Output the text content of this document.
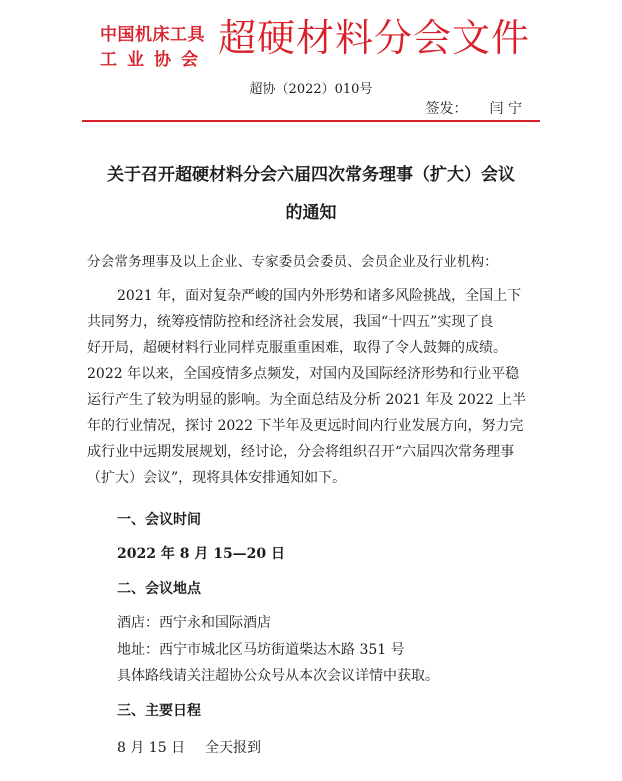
中国机床工具
工业协会 超硬材料分会文件
超协（2022）010号
签发： 闫 宁
关于召开超硬材料分会六届四次常务理事（扩大）会议
的通知
分会常务理事及以上企业、专家委员会委员、会员企业及行业机构：
2021 年，面对复杂严峻的国内外形势和诸多风险挑战，全国上下
共同努力，统筹疫情防控和经济社会发展，我国“十四五”实现了良
好开局，超硬材料行业同样克服重重困难，取得了令人鼓舞的成绩。
2022 年以来，全国疫情多点频发，对国内及国际经济形势和行业平稳
运行产生了较为明显的影响。为全面总结及分析 2021 年及 2022 上半
年的行业情况，探讨 2022 下半年及更远时间内行业发展方向，努力完
成行业中远期发展规划，经讨论，分会将组织召开“六届四次常务理事
（扩大）会议”，现将具体安排通知如下。
一、会议时间
2022 年 8 月 15—20 日
二、会议地点
酒店：西宁永和国际酒店
地址：西宁市城北区马坊街道柴达木路 351 号
具体路线请关注超协公众号从本次会议详情中获取。
三、主要日程
8 月 15 日 全天报到
